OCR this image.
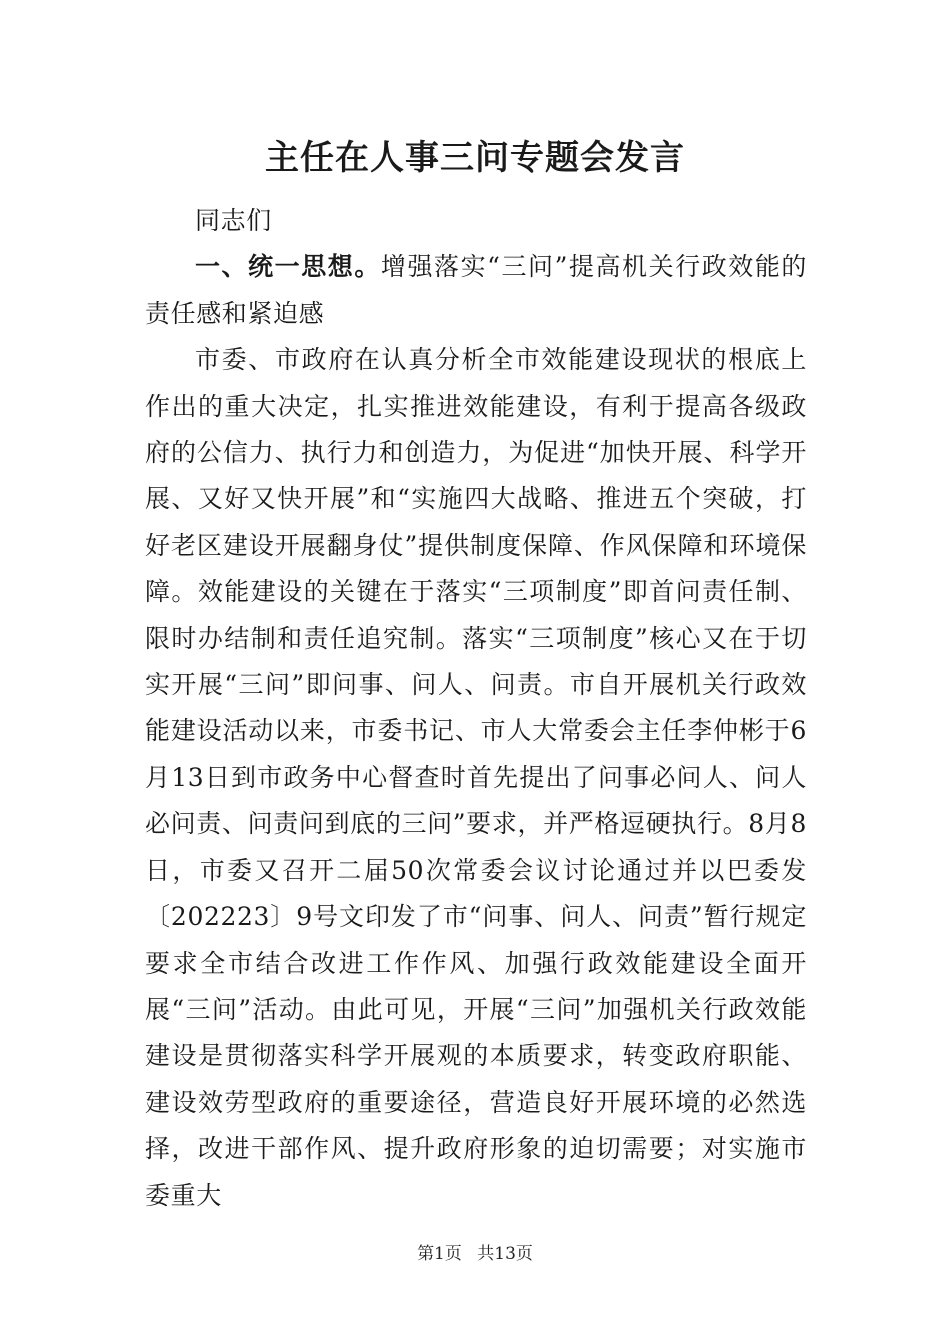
主任在人事三问专题会发言

同志们

一、统一思想。增强落实“三问”提高机关行政效能的责任感和紧迫感

市委、市政府在认真分析全市效能建设现状的根底上作出的重大决定，扎实推进效能建设，有利于提高各级政府的公信力、执行力和创造力，为促进“加快开展、科学开展、又好又快开展”和“实施四大战略、推进五个突破，打好老区建设开展翻身仗”提供制度保障、作风保障和环境保障。效能建设的关键在于落实“三项制度”即首问责任制、限时办结制和责任追究制。落实“三项制度”核心又在于切实开展“三问”即问事、问人、问责。市自开展机关行政效能建设活动以来，市委书记、市人大常委会主任李仲彬于6月13日到市政务中心督查时首先提出了问事必问人、问人必问责、问责问到底的三问”要求，并严格逗硬执行。8月8日，市委又召开二届50次常委会议讨论通过并以巴委发〔202223〕9号文印发了市“问事、问人、问责”暂行规定要求全市结合改进工作作风、加强行政效能建设全面开展“三问”活动。由此可见，开展“三问”加强机关行政效能建设是贯彻落实科学开展观的本质要求，转变政府职能、建设效劳型政府的重要途径，营造良好开展环境的必然选择，改进干部作风、提升政府形象的迫切需要；对实施市委重大

第1页 共13页
